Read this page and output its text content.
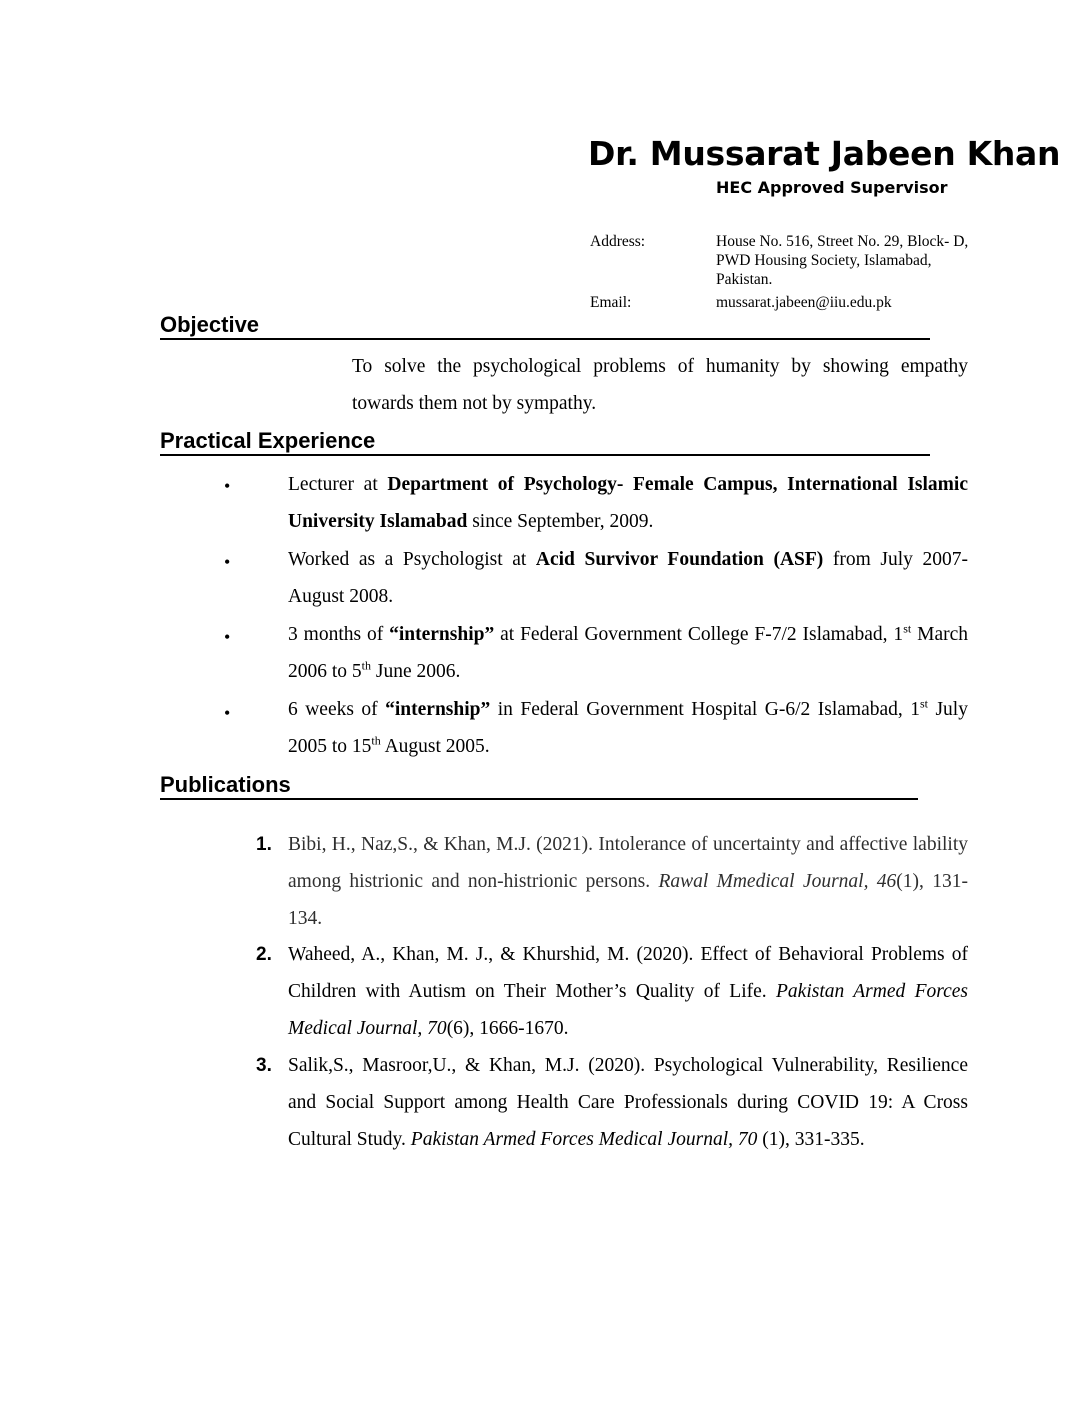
Dr. Mussarat Jabeen Khan
HEC Approved Supervisor
Address:	House No. 516, Street No. 29, Block- D,
PWD Housing Society, Islamabad,
Pakistan.
Email:	mussarat.jabeen@iiu.edu.pk
Objective
To solve the psychological problems of humanity by showing empathy towards them not by sympathy.
Practical Experience
•	Lecturer at Department of Psychology- Female Campus, International Islamic University Islamabad since September, 2009.
•	Worked as a Psychologist at Acid Survivor Foundation (ASF) from July 2007- August 2008.
•	3 months of “internship” at Federal Government College F-7/2 Islamabad, 1st March 2006 to 5th June 2006.
•	6 weeks of “internship” in Federal Government Hospital G-6/2 Islamabad, 1st July 2005 to 15th August 2005.
Publications
1. Bibi, H., Naz,S., & Khan, M.J. (2021). Intolerance of uncertainty and affective lability among histrionic and non-histrionic persons. Rawal Mmedical Journal, 46(1), 131-134.
2. Waheed, A., Khan, M. J., & Khurshid, M. (2020). Effect of Behavioral Problems of Children with Autism on Their Mother’s Quality of Life. Pakistan Armed Forces Medical Journal, 70(6), 1666-1670.
3. Salik,S., Masroor,U., & Khan, M.J. (2020). Psychological Vulnerability, Resilience and Social Support among Health Care Professionals during COVID 19: A Cross Cultural Study. Pakistan Armed Forces Medical Journal, 70 (1), 331-335.
